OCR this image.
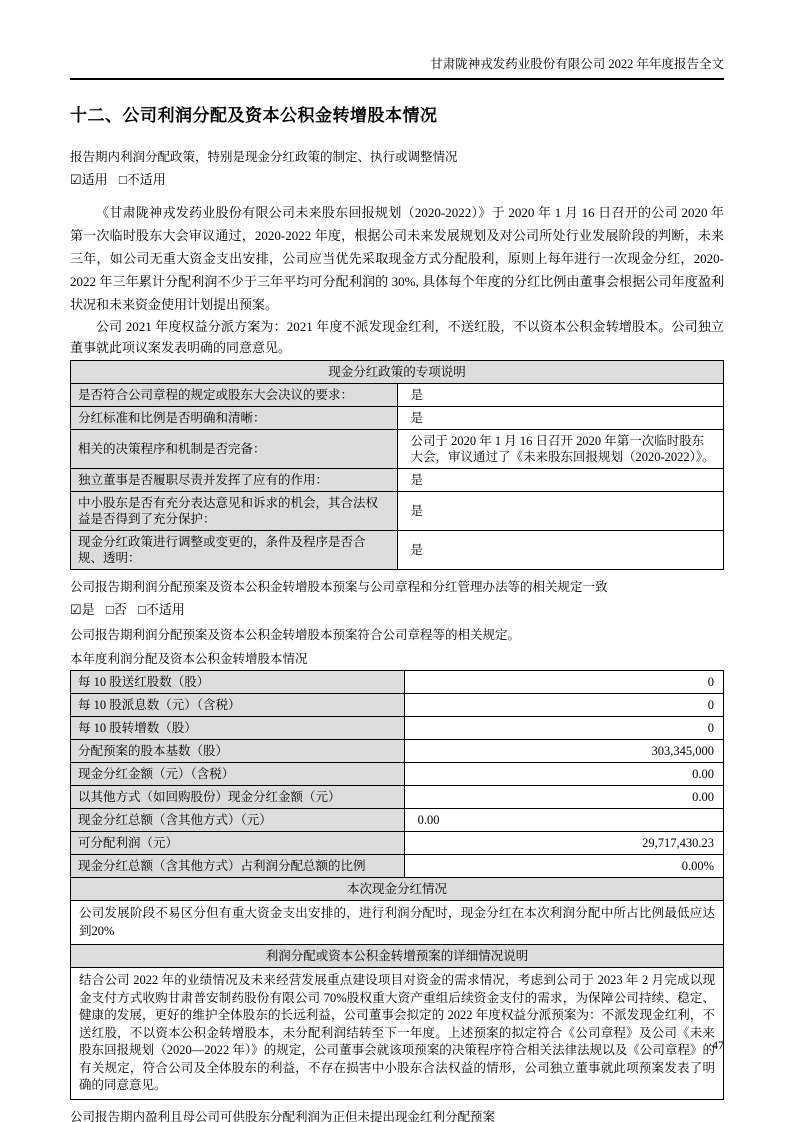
甘肃陇神戎发药业股份有限公司 2022 年年度报告全文
十二、公司利润分配及资本公积金转增股本情况

报告期内利润分配政策，特别是现金分红政策的制定、执行或调整情况

☑适用 □不适用

《甘肃陇神戎发药业股份有限公司未来股东回报规划（2020-2022）》于 2020 年 1 月 16 日召开的公司 2020 年第一次临时股东大会审议通过，2020-2022 年度，根据公司未来发展规划及对公司所处行业发展阶段的判断，未来三年，如公司无重大资金支出安排，公司应当优先采取现金方式分配股利，原则上每年进行一次现金分红，2020-2022 年三年累计分配利润不少于三年平均可分配利润的 30%, 具体每个年度的分红比例由董事会根据公司年度盈利状况和未来资金使用计划提出预案。

公司 2021 年度权益分派方案为：2021 年度不派发现金红利，不送红股，不以资本公积金转增股本。公司独立董事就此项议案发表明确的同意意见。

现金分红政策的专项说明	
是否符合公司章程的规定或股东大会决议的要求：	是
分红标准和比例是否明确和清晰：	是
相关的决策程序和机制是否完备：	公司于 2020 年 1 月 16 日召开 2020 年第一次临时股东大会，审议通过了《未来股东回报规划（2020-2022）》。
独立董事是否履职尽责并发挥了应有的作用：	是
中小股东是否有充分表达意见和诉求的机会，其合法权益是否得到了充分保护：	是
现金分红政策进行调整或变更的，条件及程序是否合规、透明：	是

公司报告期利润分配预案及资本公积金转增股本预案与公司章程和分红管理办法等的相关规定一致

☑是 □否 □不适用

公司报告期利润分配预案及资本公积金转增股本预案符合公司章程等的相关规定。

本年度利润分配及资本公积金转增股本情况

每 10 股送红股数（股）	0
每 10 股派息数（元）（含税）	0
每 10 股转增数（股）	0
分配预案的股本基数（股）	303,345,000
现金分红金额（元）（含税）	0.00
以其他方式（如回购股份）现金分红金额（元）	0.00
现金分红总额（含其他方式）（元）	0.00
可分配利润（元）	29,717,430.23
现金分红总额（含其他方式）占利润分配总额的比例	0.00%
本次现金分红情况	
公司发展阶段不易区分但有重大资金支出安排的，进行利润分配时，现金分红在本次利润分配中所占比例最低应达到20%	
利润分配或资本公积金转增预案的详细情况说明	
结合公司 2022 年的业绩情况及未来经营发展重点建设项目对资金的需求情况，考虑到公司于 2023 年 2 月完成以现金支付方式收购甘肃普安制药股份有限公司 70%股权重大资产重组后续资金支付的需求，为保障公司持续、稳定、健康的发展，更好的维护全体股东的长远利益，公司董事会拟定的 2022 年度权益分派预案为：不派发现金红利，不送红股，不以资本公积金转增股本，未分配利润结转至下一年度。上述预案的拟定符合《公司章程》及公司《未来股东回报规划（2020—2022 年）》的规定，公司董事会就该项预案的决策程序符合相关法律法规以及《公司章程》的有关规定，符合公司及全体股东的利益，不存在损害中小股东合法权益的情形，公司独立董事就此项预案发表了明确的同意意见。	

公司报告期内盈利且母公司可供股东分配利润为正但未提出现金红利分配预案

47
